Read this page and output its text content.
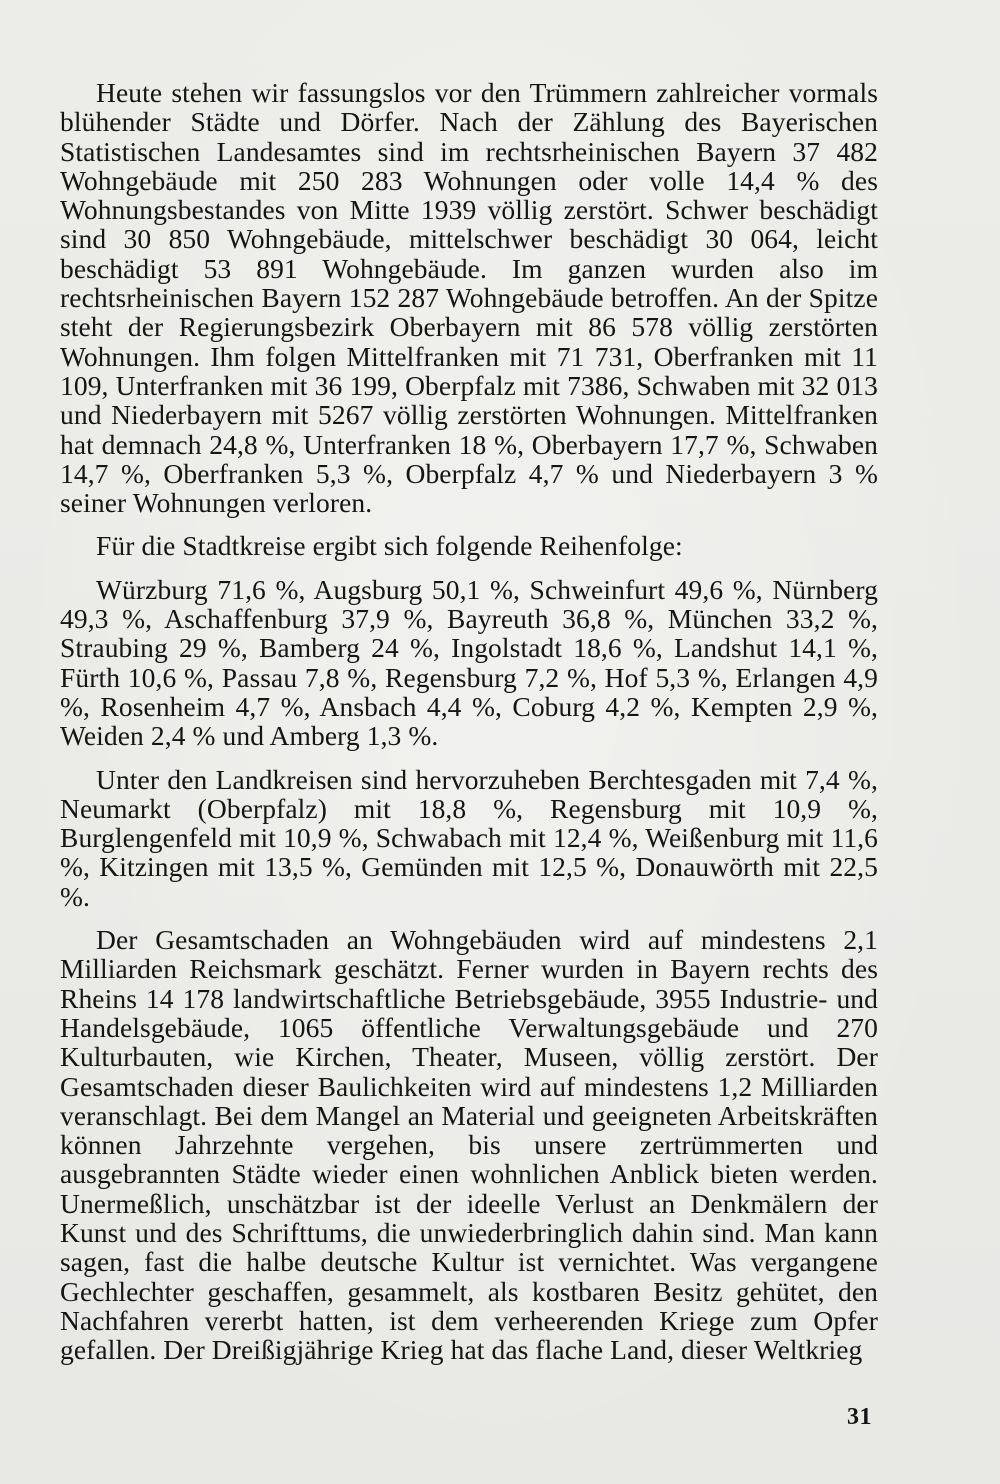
Heute stehen wir fassungslos vor den Trümmern zahlreicher vormals blühender Städte und Dörfer. Nach der Zählung des Bayerischen Statistischen Landesamtes sind im rechtsrheinischen Bayern 37 482 Wohngebäude mit 250 283 Wohnungen oder volle 14,4 % des Wohnungsbestandes von Mitte 1939 völlig zerstört. Schwer beschädigt sind 30 850 Wohngebäude, mittelschwer beschädigt 30 064, leicht beschädigt 53 891 Wohngebäude. Im ganzen wurden also im rechtsrheinischen Bayern 152 287 Wohngebäude betroffen. An der Spitze steht der Regierungsbezirk Oberbayern mit 86 578 völlig zerstörten Wohnungen. Ihm folgen Mittelfranken mit 71 731, Oberfranken mit 11 109, Unterfranken mit 36 199, Oberpfalz mit 7386, Schwaben mit 32 013 und Niederbayern mit 5267 völlig zerstörten Wohnungen. Mittelfranken hat demnach 24,8 %, Unterfranken 18 %, Oberbayern 17,7 %, Schwaben 14,7 %, Oberfranken 5,3 %, Oberpfalz 4,7 % und Niederbayern 3 % seiner Wohnungen verloren.

Für die Stadtkreise ergibt sich folgende Reihenfolge:

Würzburg 71,6 %, Augsburg 50,1 %, Schweinfurt 49,6 %, Nürnberg 49,3 %, Aschaffenburg 37,9 %, Bayreuth 36,8 %, München 33,2 %, Straubing 29 %, Bamberg 24 %, Ingolstadt 18,6 %, Landshut 14,1 %, Fürth 10,6 %, Passau 7,8 %, Regensburg 7,2 %, Hof 5,3 %, Erlangen 4,9 %, Rosenheim 4,7 %, Ansbach 4,4 %, Coburg 4,2 %, Kempten 2,9 %, Weiden 2,4 % und Amberg 1,3 %.

Unter den Landkreisen sind hervorzuheben Berchtesgaden mit 7,4 %, Neumarkt (Oberpfalz) mit 18,8 %, Regensburg mit 10,9 %, Burglengenfeld mit 10,9 %, Schwabach mit 12,4 %, Weißenburg mit 11,6 %, Kitzingen mit 13,5 %, Gemünden mit 12,5 %, Donauwörth mit 22,5 %.

Der Gesamtschaden an Wohngebäuden wird auf mindestens 2,1 Milliarden Reichsmark geschätzt. Ferner wurden in Bayern rechts des Rheins 14 178 landwirtschaftliche Betriebsgebäude, 3955 Industrie- und Handelsgebäude, 1065 öffentliche Verwaltungsgebäude und 270 Kulturbauten, wie Kirchen, Theater, Museen, völlig zerstört. Der Gesamtschaden dieser Baulichkeiten wird auf mindestens 1,2 Milliarden veranschlagt. Bei dem Mangel an Material und geeigneten Arbeitskräften können Jahrzehnte vergehen, bis unsere zertrümmerten und ausgebrannten Städte wieder einen wohnlichen Anblick bieten werden. Unermeßlich, unschätzbar ist der ideelle Verlust an Denkmälern der Kunst und des Schrifttums, die unwiederbringlich dahin sind. Man kann sagen, fast die halbe deutsche Kultur ist vernichtet. Was vergangene Gechlechter geschaffen, gesammelt, als kostbaren Besitz gehütet, den Nachfahren vererbt hatten, ist dem verheerenden Kriege zum Opfer gefallen. Der Dreißigjährige Krieg hat das flache Land, dieser Weltkrieg

31
